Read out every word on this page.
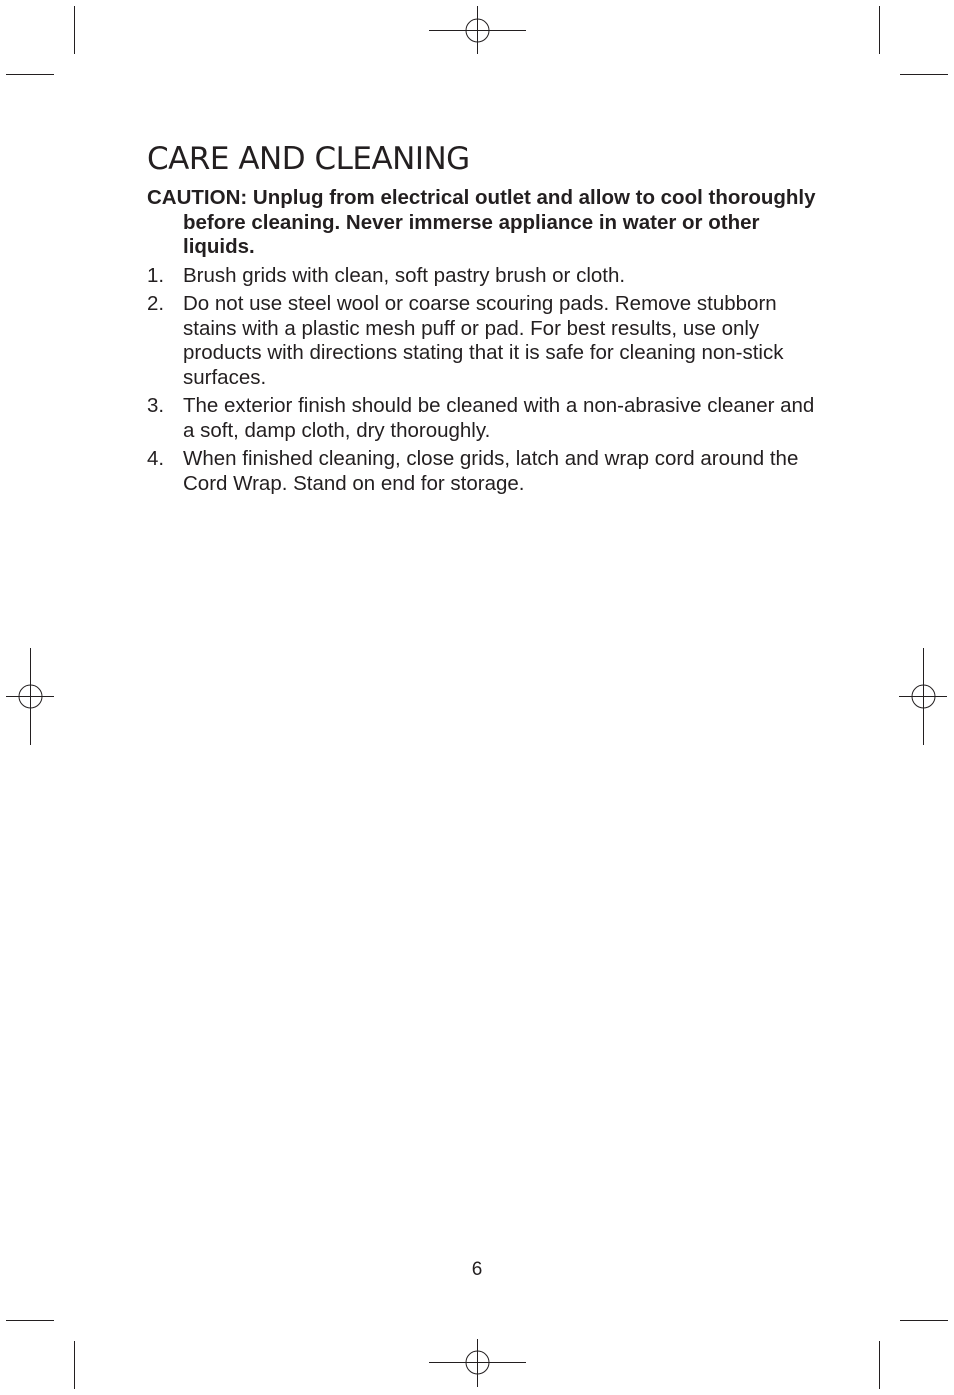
CARE AND CLEANING

CAUTION: Unplug from electrical outlet and allow to cool thoroughly before cleaning. Never immerse appliance in water or other liquids.

1. Brush grids with clean, soft pastry brush or cloth.
2. Do not use steel wool or coarse scouring pads. Remove stubborn stains with a plastic mesh puff or pad. For best results, use only products with directions stating that it is safe for cleaning non-stick surfaces.
3. The exterior finish should be cleaned with a non-abrasive cleaner and a soft, damp cloth, dry thoroughly.
4. When finished cleaning, close grids, latch and wrap cord around the Cord Wrap. Stand on end for storage.
6
